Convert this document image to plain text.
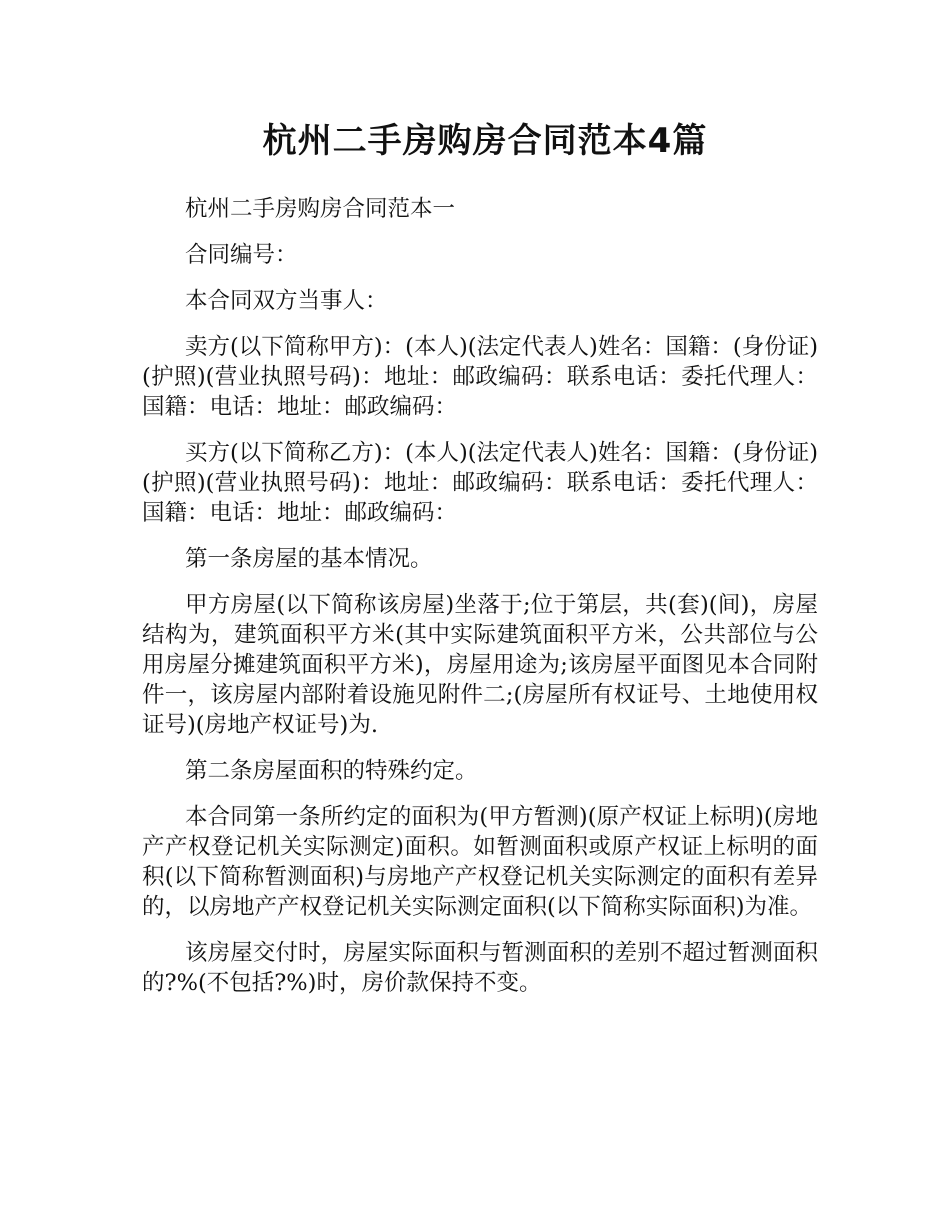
杭州二手房购房合同范本4篇

杭州二手房购房合同范本一

合同编号：

本合同双方当事人：

卖方(以下简称甲方)：(本人)(法定代表人)姓名：国籍：(身份证)(护照)(营业执照号码)：地址：邮政编码：联系电话：委托代理人：国籍：电话：地址：邮政编码：

买方(以下简称乙方)：(本人)(法定代表人)姓名：国籍：(身份证)(护照)(营业执照号码)：地址：邮政编码：联系电话：委托代理人：国籍：电话：地址：邮政编码：

第一条房屋的基本情况。

甲方房屋(以下简称该房屋)坐落于;位于第层，共(套)(间)，房屋结构为，建筑面积平方米(其中实际建筑面积平方米，公共部位与公用房屋分摊建筑面积平方米)，房屋用途为;该房屋平面图见本合同附件一，该房屋内部附着设施见附件二;(房屋所有权证号、土地使用权证号)(房地产权证号)为.

第二条房屋面积的特殊约定。

本合同第一条所约定的面积为(甲方暂测)(原产权证上标明)(房地产产权登记机关实际测定)面积。如暂测面积或原产权证上标明的面积(以下简称暂测面积)与房地产产权登记机关实际测定的面积有差异的，以房地产产权登记机关实际测定面积(以下简称实际面积)为准。

该房屋交付时，房屋实际面积与暂测面积的差别不超过暂测面积的?%(不包括?%)时，房价款保持不变。
